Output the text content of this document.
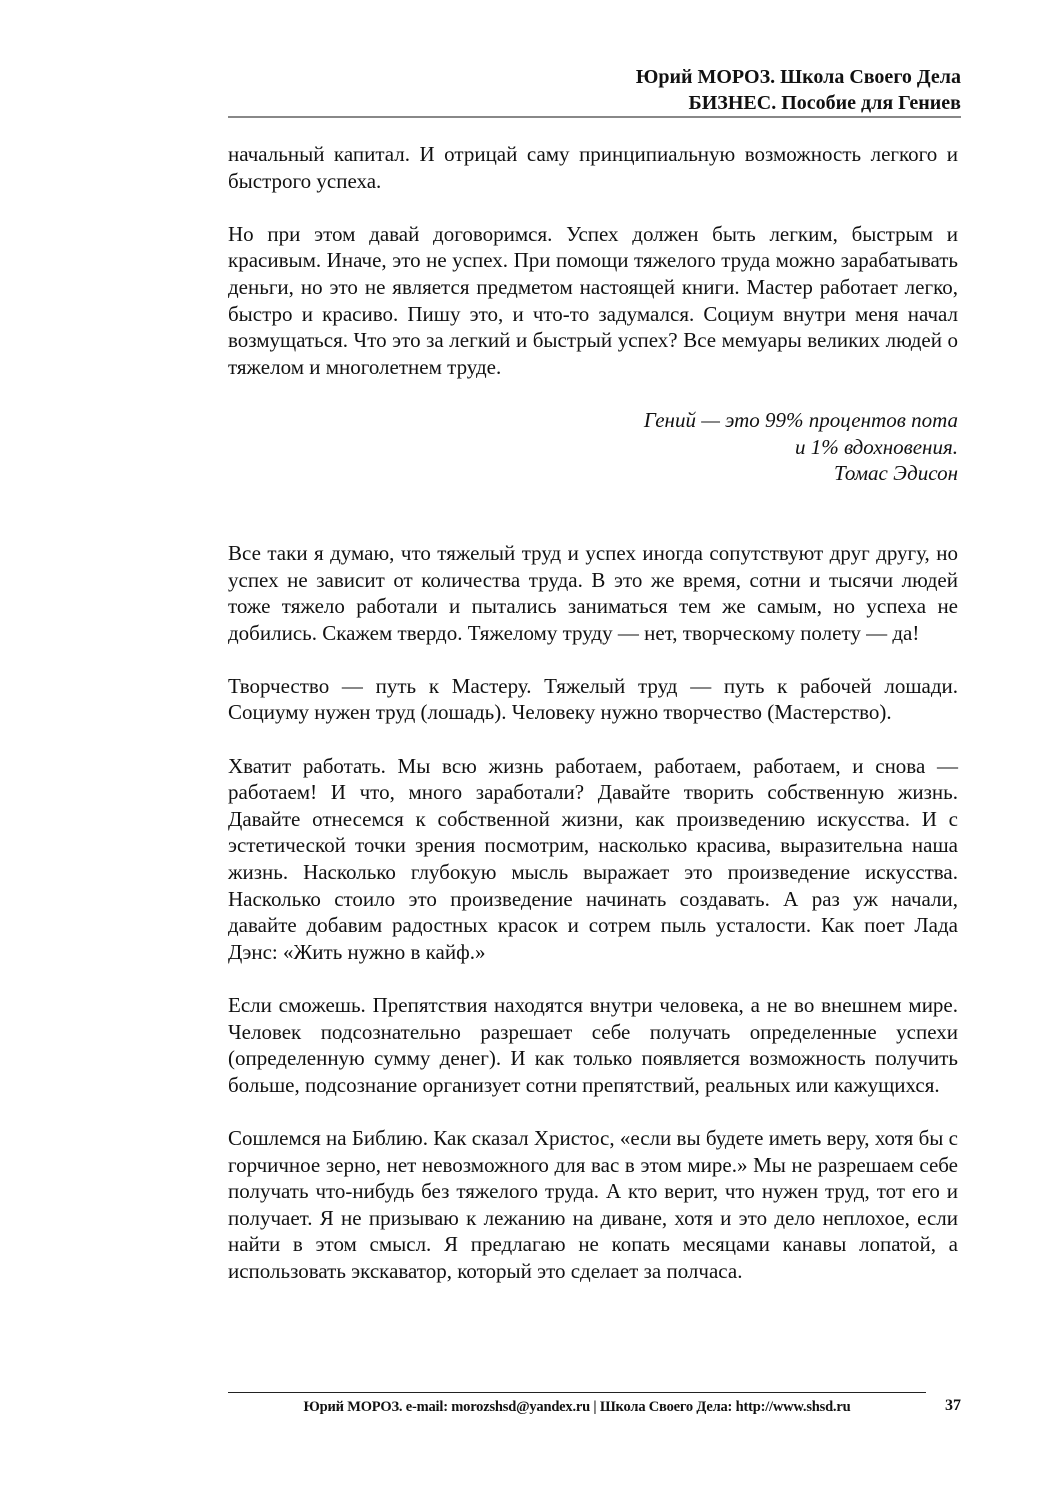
Юрий МОРОЗ. Школа Своего Дела
БИЗНЕС. Пособие для Гениев

начальный капитал. И отрицай саму принципиальную возможность легкого и быстрого успеха.

Но при этом давай договоримся. Успех должен быть легким, быстрым и красивым. Иначе, это не успех. При помощи тяжелого труда можно зарабатывать деньги, но это не является предметом настоящей книги. Мастер работает легко, быстро и красиво. Пишу это, и что-то задумался. Социум внутри меня начал возмущаться. Что это за легкий и быстрый успех? Все мемуары великих людей о тяжелом и многолетнем труде.

Гений — это 99% процентов пота
и 1% вдохновения.
Томас Эдисон

Все таки я думаю, что тяжелый труд и успех иногда сопутствуют друг другу, но успех не зависит от количества труда. В это же время, сотни и тысячи людей тоже тяжело работали и пытались заниматься тем же самым, но успеха не добились. Скажем твердо. Тяжелому труду — нет, творческому полету — да!

Творчество — путь к Мастеру. Тяжелый труд — путь к рабочей лошади. Социуму нужен труд (лошадь). Человеку нужно творчество (Мастерство).

Хватит работать. Мы всю жизнь работаем, работаем, работаем, и снова — работаем! И что, много заработали? Давайте творить собственную жизнь. Давайте отнесемся к собственной жизни, как произведению искусства. И с эстетической точки зрения посмотрим, насколько красива, выразительна наша жизнь. Насколько глубокую мысль выражает это произведение искусства. Насколько стоило это произведение начинать создавать. А раз уж начали, давайте добавим радостных красок и сотрем пыль усталости. Как поет Лада Дэнс: «Жить нужно в кайф.»

Если сможешь. Препятствия находятся внутри человека, а не во внешнем мире. Человек подсознательно разрешает себе получать определенные успехи (определенную сумму денег). И как только появляется возможность получить больше, подсознание организует сотни препятствий, реальных или кажущихся.

Сошлемся на Библию. Как сказал Христос, «если вы будете иметь веру, хотя бы с горчичное зерно, нет невозможного для вас в этом мире.» Мы не разрешаем себе получать что-нибудь без тяжелого труда. А кто верит, что нужен труд, тот его и получает. Я не призываю к лежанию на диване, хотя и это дело неплохое, если найти в этом смысл. Я предлагаю не копать месяцами канавы лопатой, а использовать экскаватор, который это сделает за полчаса.

Юрий МОРОЗ. e-mail: morozshsd@yandex.ru | Школа Своего Дела: http://www.shsd.ru	37
